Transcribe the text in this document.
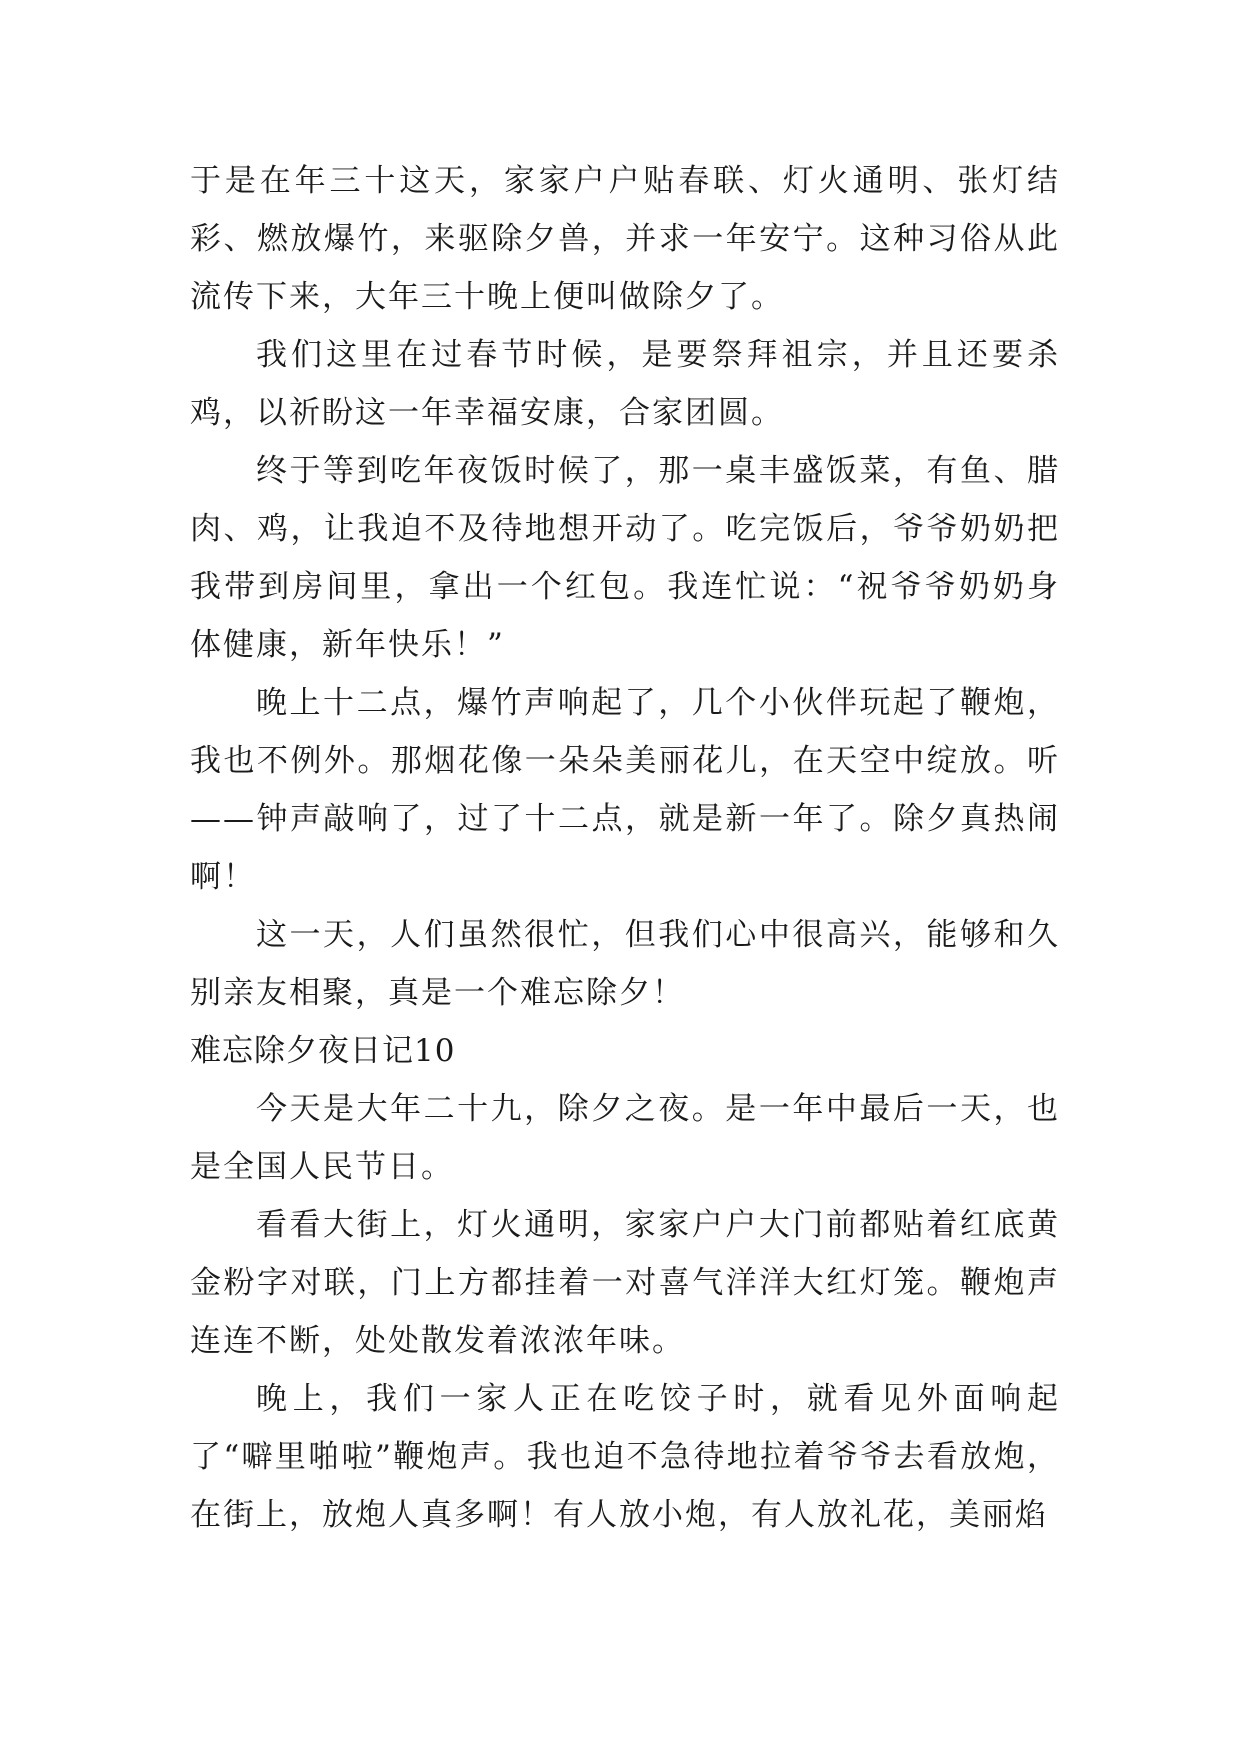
于是在年三十这天，家家户户贴春联、灯火通明、张灯结彩、燃放爆竹，来驱除夕兽，并求一年安宁。这种习俗从此流传下来，大年三十晚上便叫做除夕了。

我们这里在过春节时候，是要祭拜祖宗，并且还要杀鸡，以祈盼这一年幸福安康，合家团圆。

终于等到吃年夜饭时候了，那一桌丰盛饭菜，有鱼、腊肉、鸡，让我迫不及待地想开动了。吃完饭后，爷爷奶奶把我带到房间里，拿出一个红包。我连忙说：“祝爷爷奶奶身体健康，新年快乐！”

晚上十二点，爆竹声响起了，几个小伙伴玩起了鞭炮，我也不例外。那烟花像一朵朵美丽花儿，在天空中绽放。听——钟声敲响了，过了十二点，就是新一年了。除夕真热闹啊！

这一天，人们虽然很忙，但我们心中很高兴，能够和久别亲友相聚，真是一个难忘除夕！

难忘除夕夜日记10

今天是大年二十九，除夕之夜。是一年中最后一天，也是全国人民节日。

看看大街上，灯火通明，家家户户大门前都贴着红底黄金粉字对联，门上方都挂着一对喜气洋洋大红灯笼。鞭炮声连连不断，处处散发着浓浓年味。

晚上，我们一家人正在吃饺子时，就看见外面响起了“噼里啪啦”鞭炮声。我也迫不急待地拉着爷爷去看放炮，在街上，放炮人真多啊！有人放小炮，有人放礼花，美丽焰
